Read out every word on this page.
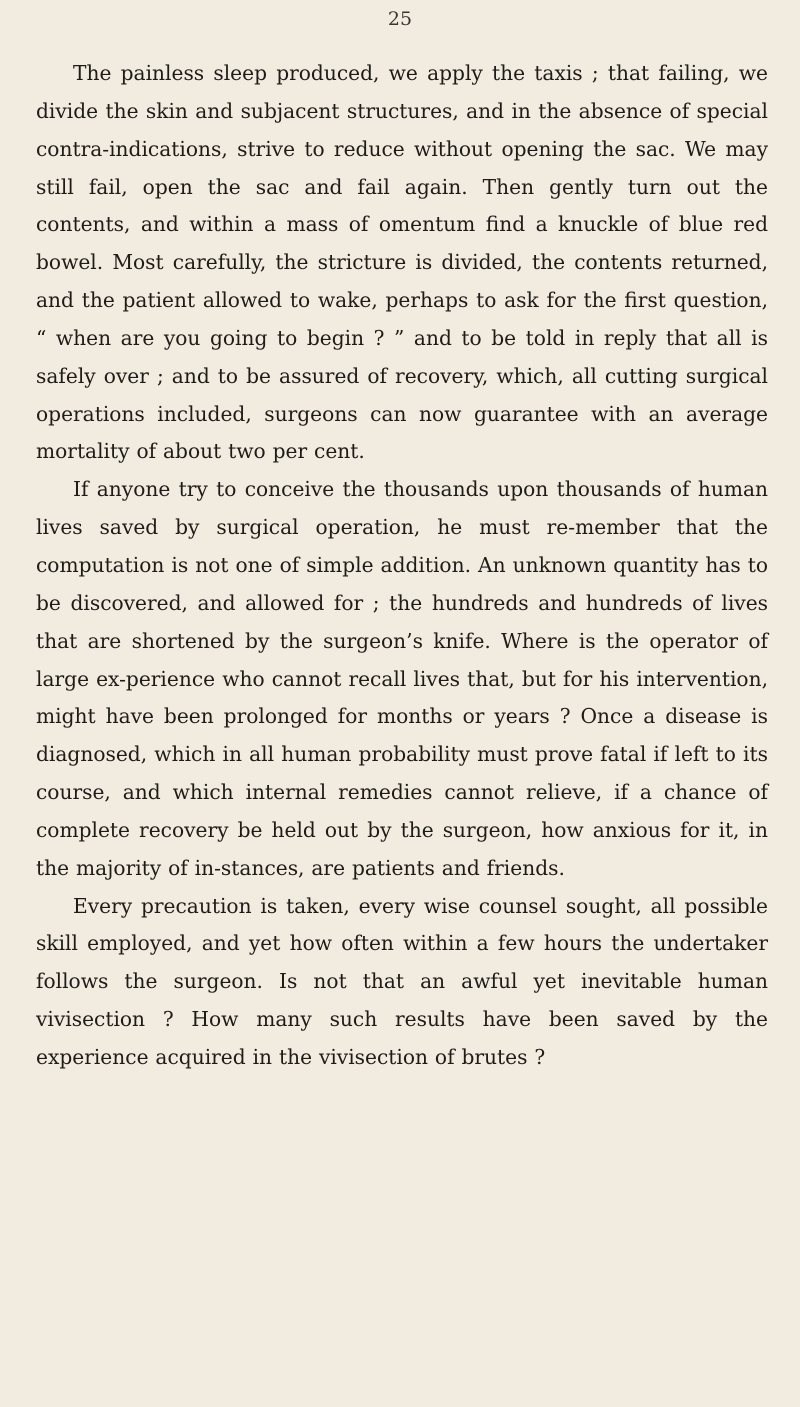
25

The painless sleep produced, we apply the taxis ; that failing, we divide the skin and subjacent structures, and in the absence of special contra-indications, strive to reduce without opening the sac. We may still fail, open the sac and fail again. Then gently turn out the contents, and within a mass of omentum find a knuckle of blue red bowel. Most carefully, the stricture is divided, the contents returned, and the patient allowed to wake, perhaps to ask for the first question, “ when are you going to begin ? ” and to be told in reply that all is safely over ; and to be assured of recovery, which, all cutting surgical operations included, surgeons can now guarantee with an average mortality of about two per cent.

If anyone try to conceive the thousands upon thousands of human lives saved by surgical operation, he must re-member that the computation is not one of simple addition. An unknown quantity has to be discovered, and allowed for ; the hundreds and hundreds of lives that are shortened by the surgeon’s knife. Where is the operator of large ex-perience who cannot recall lives that, but for his intervention, might have been prolonged for months or years ? Once a disease is diagnosed, which in all human probability must prove fatal if left to its course, and which internal remedies cannot relieve, if a chance of complete recovery be held out by the surgeon, how anxious for it, in the majority of in-stances, are patients and friends.

Every precaution is taken, every wise counsel sought, all possible skill employed, and yet how often within a few hours the undertaker follows the surgeon. Is not that an awful yet inevitable human vivisection ? How many such results have been saved by the experience acquired in the vivisection of brutes ?
